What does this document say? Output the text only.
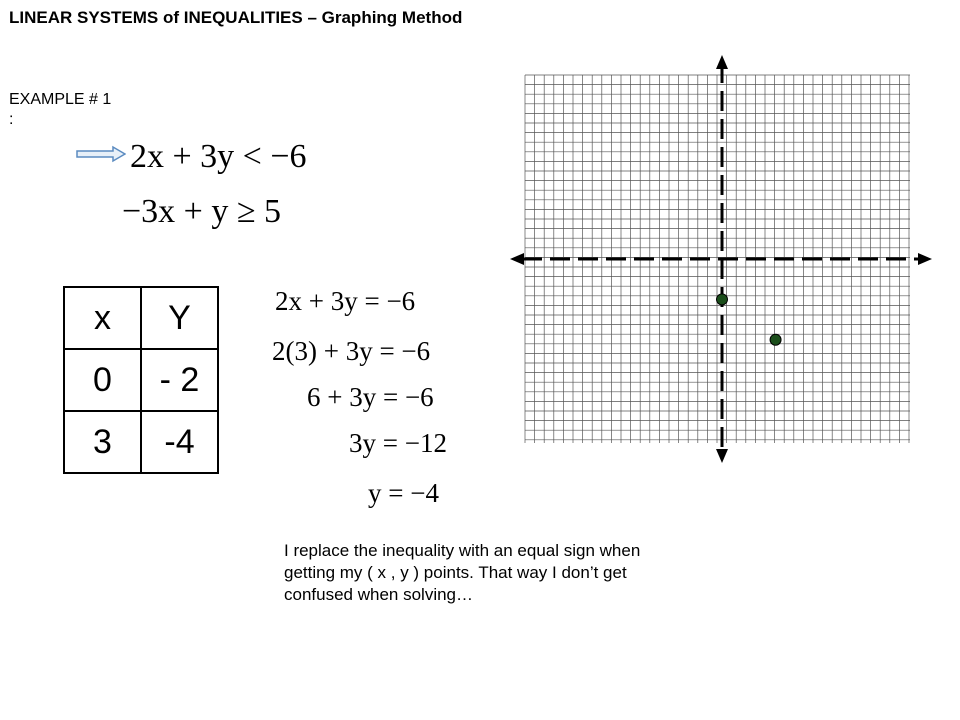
LINEAR SYSTEMS of INEQUALITIES – Graphing Method
EXAMPLE # 1
:
2x + 3y < −6
−3x + y ≥ 5
x	Y
0	- 2
3	-4
2x + 3y = −6
2(3) + 3y = −6
6 + 3y = −6
3y = −12
y = −4
I replace the inequality with an equal sign when getting my ( x , y ) points. That way I don’t get confused when solving…
